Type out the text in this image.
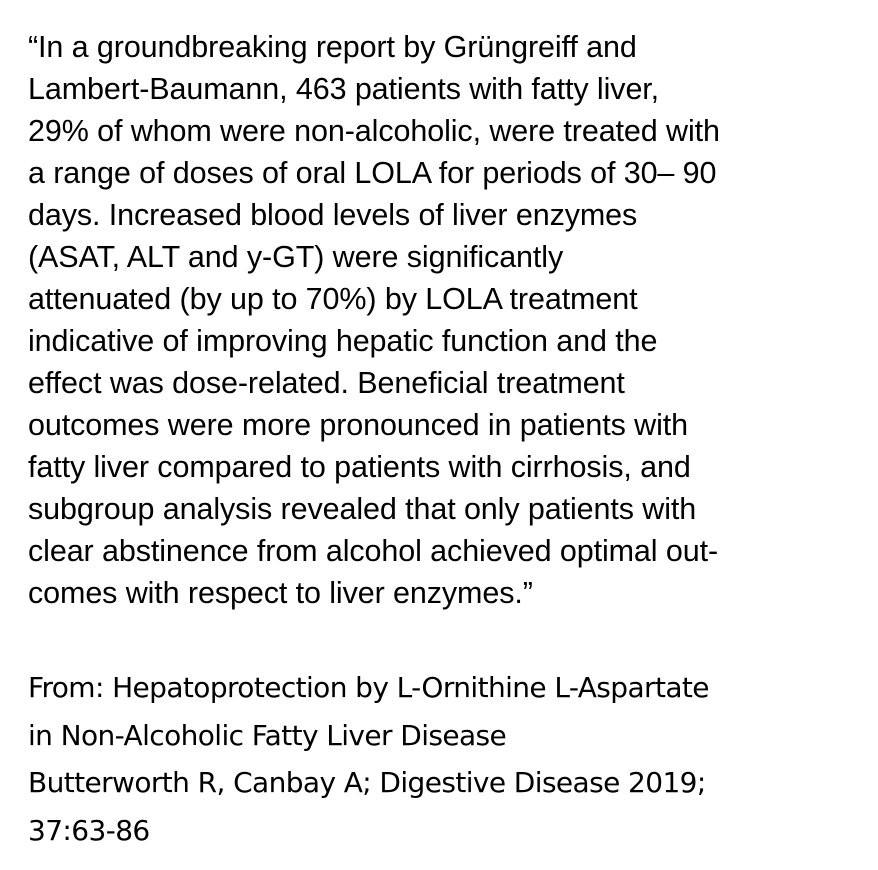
“In a groundbreaking report by Grüngreiff and
Lambert-Baumann, 463 patients with fatty liver,
29% of whom were non-alcoholic, were treated with
a range of doses of oral LOLA for periods of 30– 90
days. Increased blood levels of liver enzymes
(ASAT, ALT and y-GT) were significantly
attenuated (by up to 70%) by LOLA treatment
indicative of improving hepatic function and the
effect was dose-related. Beneficial treatment
outcomes were more pronounced in patients with
fatty liver compared to patients with cirrhosis, and
subgroup analysis revealed that only patients with
clear abstinence from alcohol achieved optimal out-
comes with respect to liver enzymes.”
From: Hepatoprotection by L-Ornithine L-Aspartate
in Non-Alcoholic Fatty Liver Disease
Butterworth R, Canbay A; Digestive Disease 2019;
37:63-86
